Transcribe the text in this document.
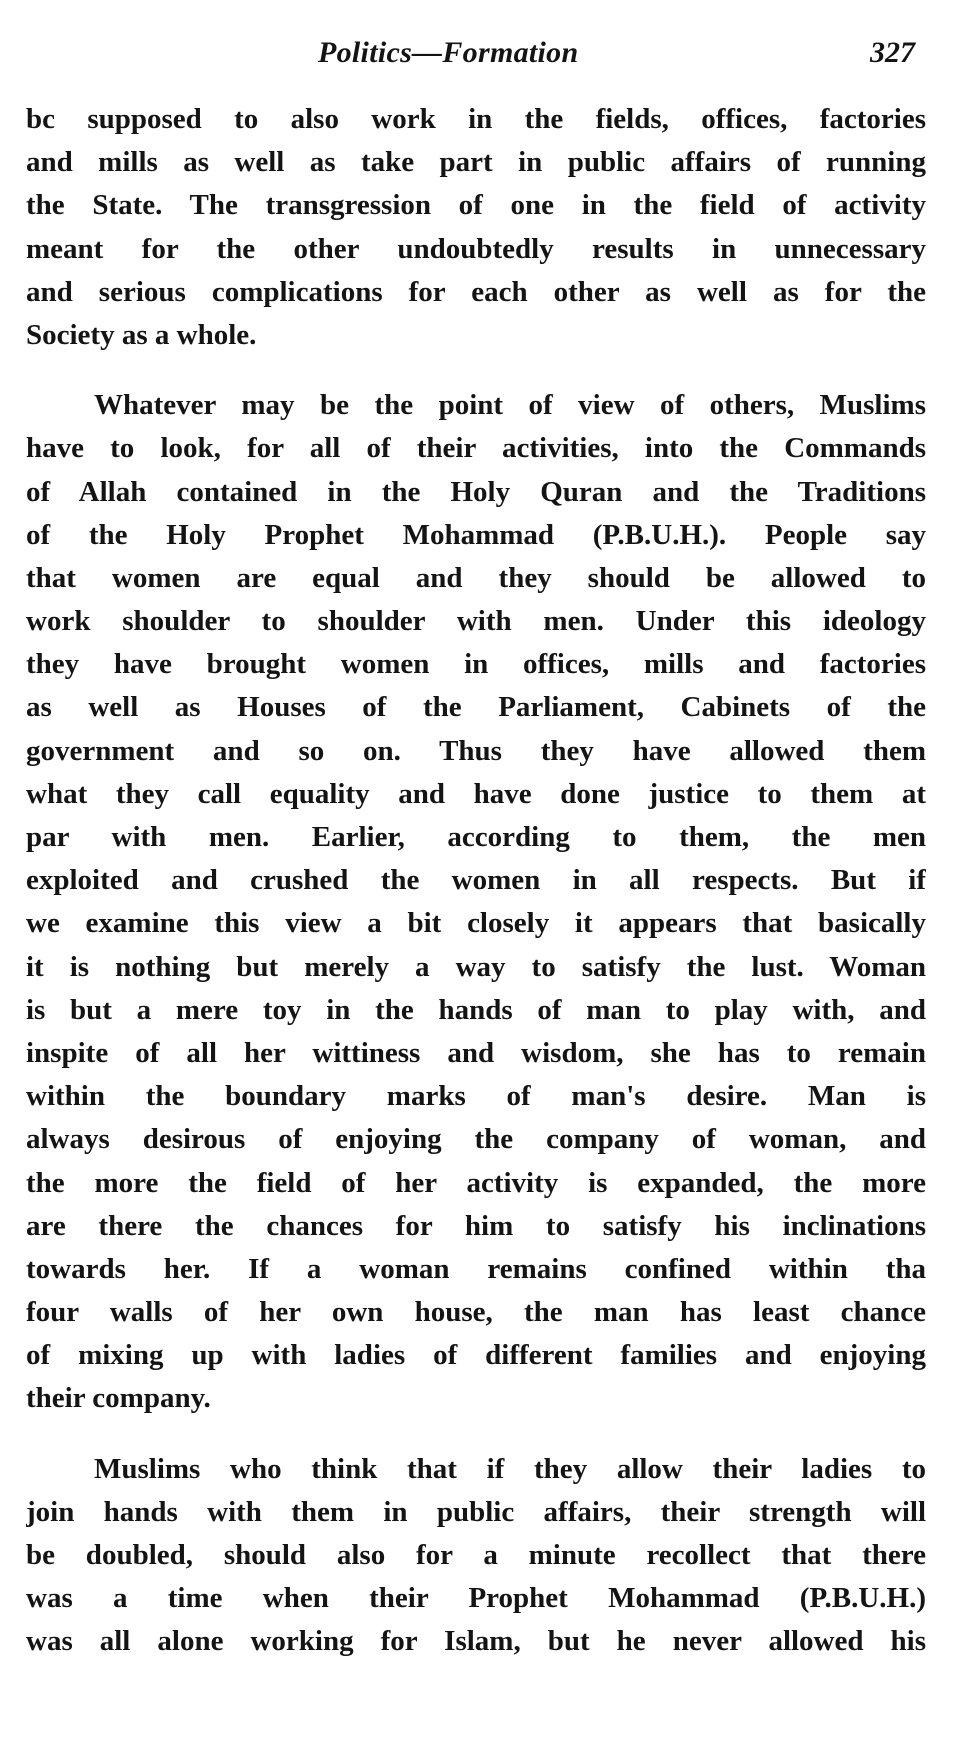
Politics—Formation	327
bc supposed to also work in the fields, offices, factories
and mills as well as take part in public affairs of running
the State. The transgression of one in the field of activity
meant for the other undoubtedly results in unnecessary
and serious complications for each other as well as for the
Society as a whole.
Whatever may be the point of view of others, Muslims
have to look, for all of their activities, into the Commands
of Allah contained in the Holy Quran and the Traditions
of the Holy Prophet Mohammad (P.B.U.H.). People say
that women are equal and they should be allowed to
work shoulder to shoulder with men. Under this ideology
they have brought women in offices, mills and factories
as well as Houses of the Parliament, Cabinets of the
government and so on. Thus they have allowed them
what they call equality and have done justice to them at
par with men. Earlier, according to them, the men
exploited and crushed the women in all respects. But if
we examine this view a bit closely it appears that basically
it is nothing but merely a way to satisfy the lust. Woman
is but a mere toy in the hands of man to play with, and
inspite of all her wittiness and wisdom, she has to remain
within the boundary marks of man's desire. Man is
always desirous of enjoying the company of woman, and
the more the field of her activity is expanded, the more
are there the chances for him to satisfy his inclinations
towards her. If a woman remains confined within tha
four walls of her own house, the man has least chance
of mixing up with ladies of different families and enjoying
their company.
Muslims who think that if they allow their ladies to
join hands with them in public affairs, their strength will
be doubled, should also for a minute recollect that there
was a time when their Prophet Mohammad (P.B.U.H.)
was all alone working for Islam, but he never allowed his
